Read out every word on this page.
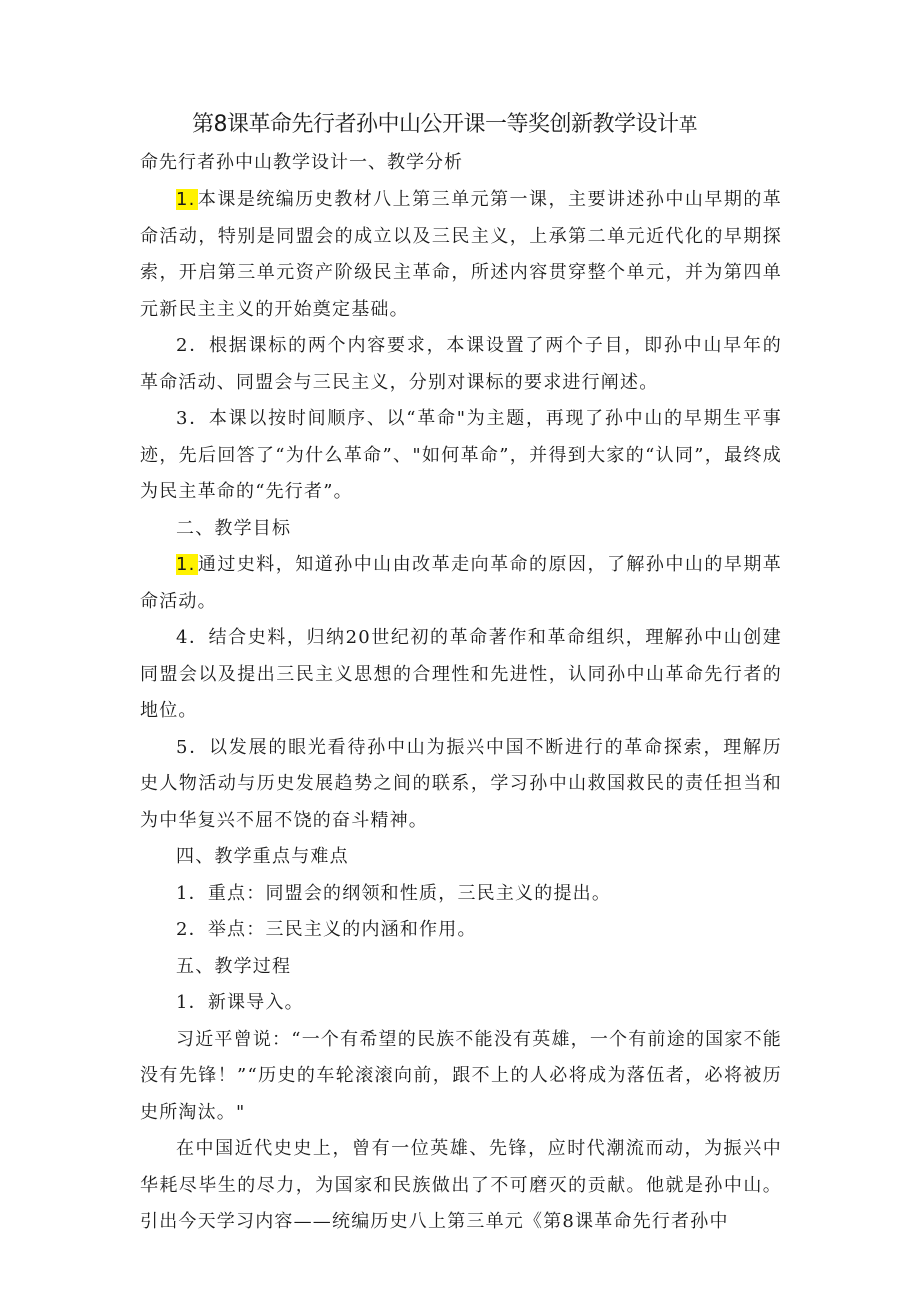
第8课革命先行者孙中山公开课一等奖创新教学设计革
命先行者孙中山教学设计一、教学分析

1. 本课是统编历史教材八上第三单元第一课，主要讲述孙中山早期的革命活动，特别是同盟会的成立以及三民主义，上承第二单元近代化的早期探索，开启第三单元资产阶级民主革命，所述内容贯穿整个单元，并为第四单元新民主主义的开始奠定基础。

2．根据课标的两个内容要求，本课设置了两个子目，即孙中山早年的革命活动、同盟会与三民主义，分别对课标的要求进行阐述。

3．本课以按时间顺序、以“革命"为主题，再现了孙中山的早期生平事迹，先后回答了“为什么革命”、"如何革命”，并得到大家的“认同”，最终成为民主革命的“先行者”。

二、教学目标

1. 通过史料，知道孙中山由改革走向革命的原因，了解孙中山的早期革命活动。

4．结合史料，归纳20世纪初的革命著作和革命组织，理解孙中山创建同盟会以及提出三民主义思想的合理性和先进性，认同孙中山革命先行者的地位。

5．以发展的眼光看待孙中山为振兴中国不断进行的革命探索，理解历史人物活动与历史发展趋势之间的联系，学习孙中山救国救民的责任担当和为中华复兴不屈不饶的奋斗精神。

四、教学重点与难点

1．重点：同盟会的纲领和性质，三民主义的提出。

2．举点：三民主义的内涵和作用。

五、教学过程

1．新课导入。

习近平曾说：“一个有希望的民族不能没有英雄，一个有前途的国家不能没有先锋！”“历史的车轮滚滚向前，跟不上的人必将成为落伍者，必将被历史所淘汰。"

在中国近代史史上，曾有一位英雄、先锋，应时代潮流而动，为振兴中华耗尽毕生的尽力，为国家和民族做出了不可磨灭的贡献。他就是孙中山。引出今天学习内容——统编历史八上第三单元《第8课革命先行者孙中
